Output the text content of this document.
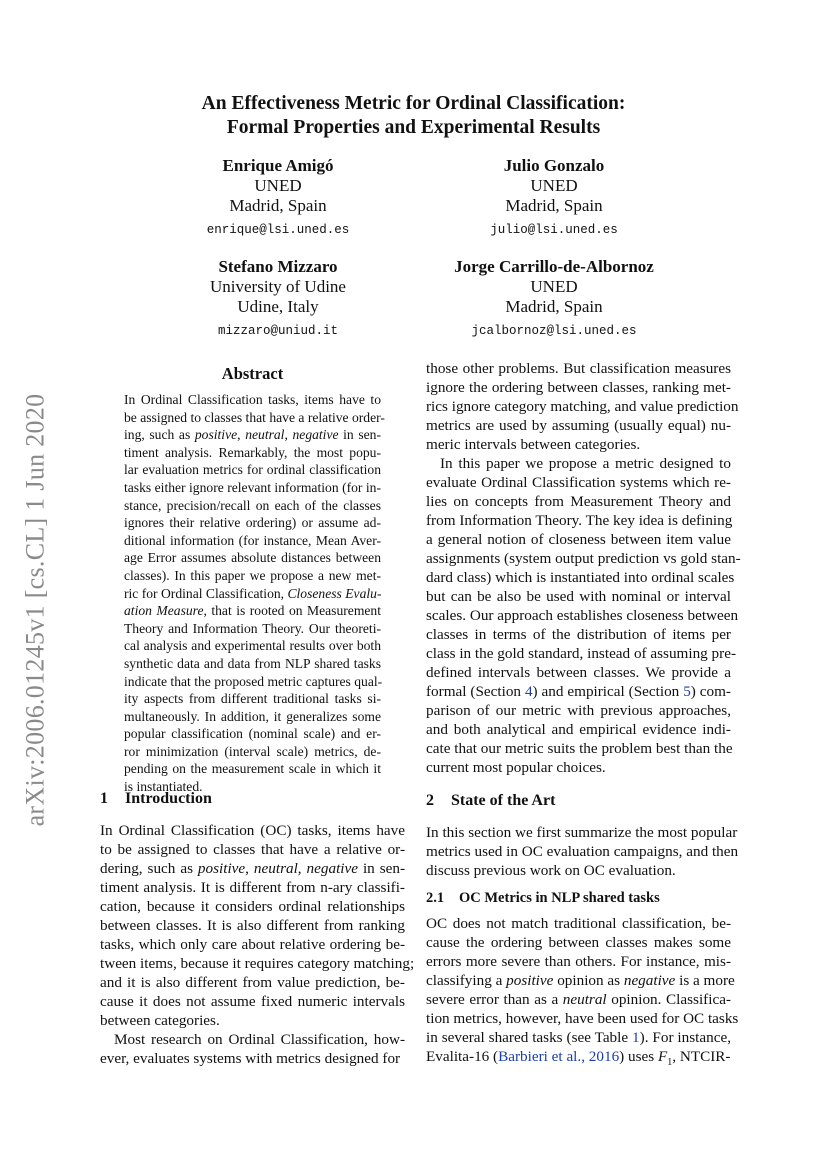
arXiv:2006.01245v1 [cs.CL] 1 Jun 2020
An Effectiveness Metric for Ordinal Classification:
Formal Properties and Experimental Results
Enrique Amigó
UNED
Madrid, Spain
enrique@lsi.uned.es
Julio Gonzalo
UNED
Madrid, Spain
julio@lsi.uned.es
Stefano Mizzaro
University of Udine
Udine, Italy
mizzaro@uniud.it
Jorge Carrillo-de-Albornoz
UNED
Madrid, Spain
jcalbornoz@lsi.uned.es
Abstract
In Ordinal Classification tasks, items have to
be assigned to classes that have a relative order-
ing, such as positive, neutral, negative in sen-
timent analysis. Remarkably, the most popu-
lar evaluation metrics for ordinal classification
tasks either ignore relevant information (for in-
stance, precision/recall on each of the classes
ignores their relative ordering) or assume ad-
ditional information (for instance, Mean Aver-
age Error assumes absolute distances between
classes). In this paper we propose a new met-
ric for Ordinal Classification, Closeness Evalu-
ation Measure, that is rooted on Measurement
Theory and Information Theory. Our theoreti-
cal analysis and experimental results over both
synthetic data and data from NLP shared tasks
indicate that the proposed metric captures qual-
ity aspects from different traditional tasks si-
multaneously. In addition, it generalizes some
popular classification (nominal scale) and er-
ror minimization (interval scale) metrics, de-
pending on the measurement scale in which it
is instantiated.
1 Introduction
In Ordinal Classification (OC) tasks, items have
to be assigned to classes that have a relative or-
dering, such as positive, neutral, negative in sen-
timent analysis. It is different from n-ary classifi-
cation, because it considers ordinal relationships
between classes. It is also different from ranking
tasks, which only care about relative ordering be-
tween items, because it requires category matching;
and it is also different from value prediction, be-
cause it does not assume fixed numeric intervals
between categories.
Most research on Ordinal Classification, how-
ever, evaluates systems with metrics designed for
those other problems. But classification measures
ignore the ordering between classes, ranking met-
rics ignore category matching, and value prediction
metrics are used by assuming (usually equal) nu-
meric intervals between categories.
In this paper we propose a metric designed to
evaluate Ordinal Classification systems which re-
lies on concepts from Measurement Theory and
from Information Theory. The key idea is defining
a general notion of closeness between item value
assignments (system output prediction vs gold stan-
dard class) which is instantiated into ordinal scales
but can be also be used with nominal or interval
scales. Our approach establishes closeness between
classes in terms of the distribution of items per
class in the gold standard, instead of assuming pre-
defined intervals between classes. We provide a
formal (Section 4) and empirical (Section 5) com-
parison of our metric with previous approaches,
and both analytical and empirical evidence indi-
cate that our metric suits the problem best than the
current most popular choices.
2 State of the Art
In this section we first summarize the most popular
metrics used in OC evaluation campaigns, and then
discuss previous work on OC evaluation.
2.1 OC Metrics in NLP shared tasks
OC does not match traditional classification, be-
cause the ordering between classes makes some
errors more severe than others. For instance, mis-
classifying a positive opinion as negative is a more
severe error than as a neutral opinion. Classifica-
tion metrics, however, have been used for OC tasks
in several shared tasks (see Table 1). For instance,
Evalita-16 (Barbieri et al., 2016) uses $F_1$, NTCIR-
